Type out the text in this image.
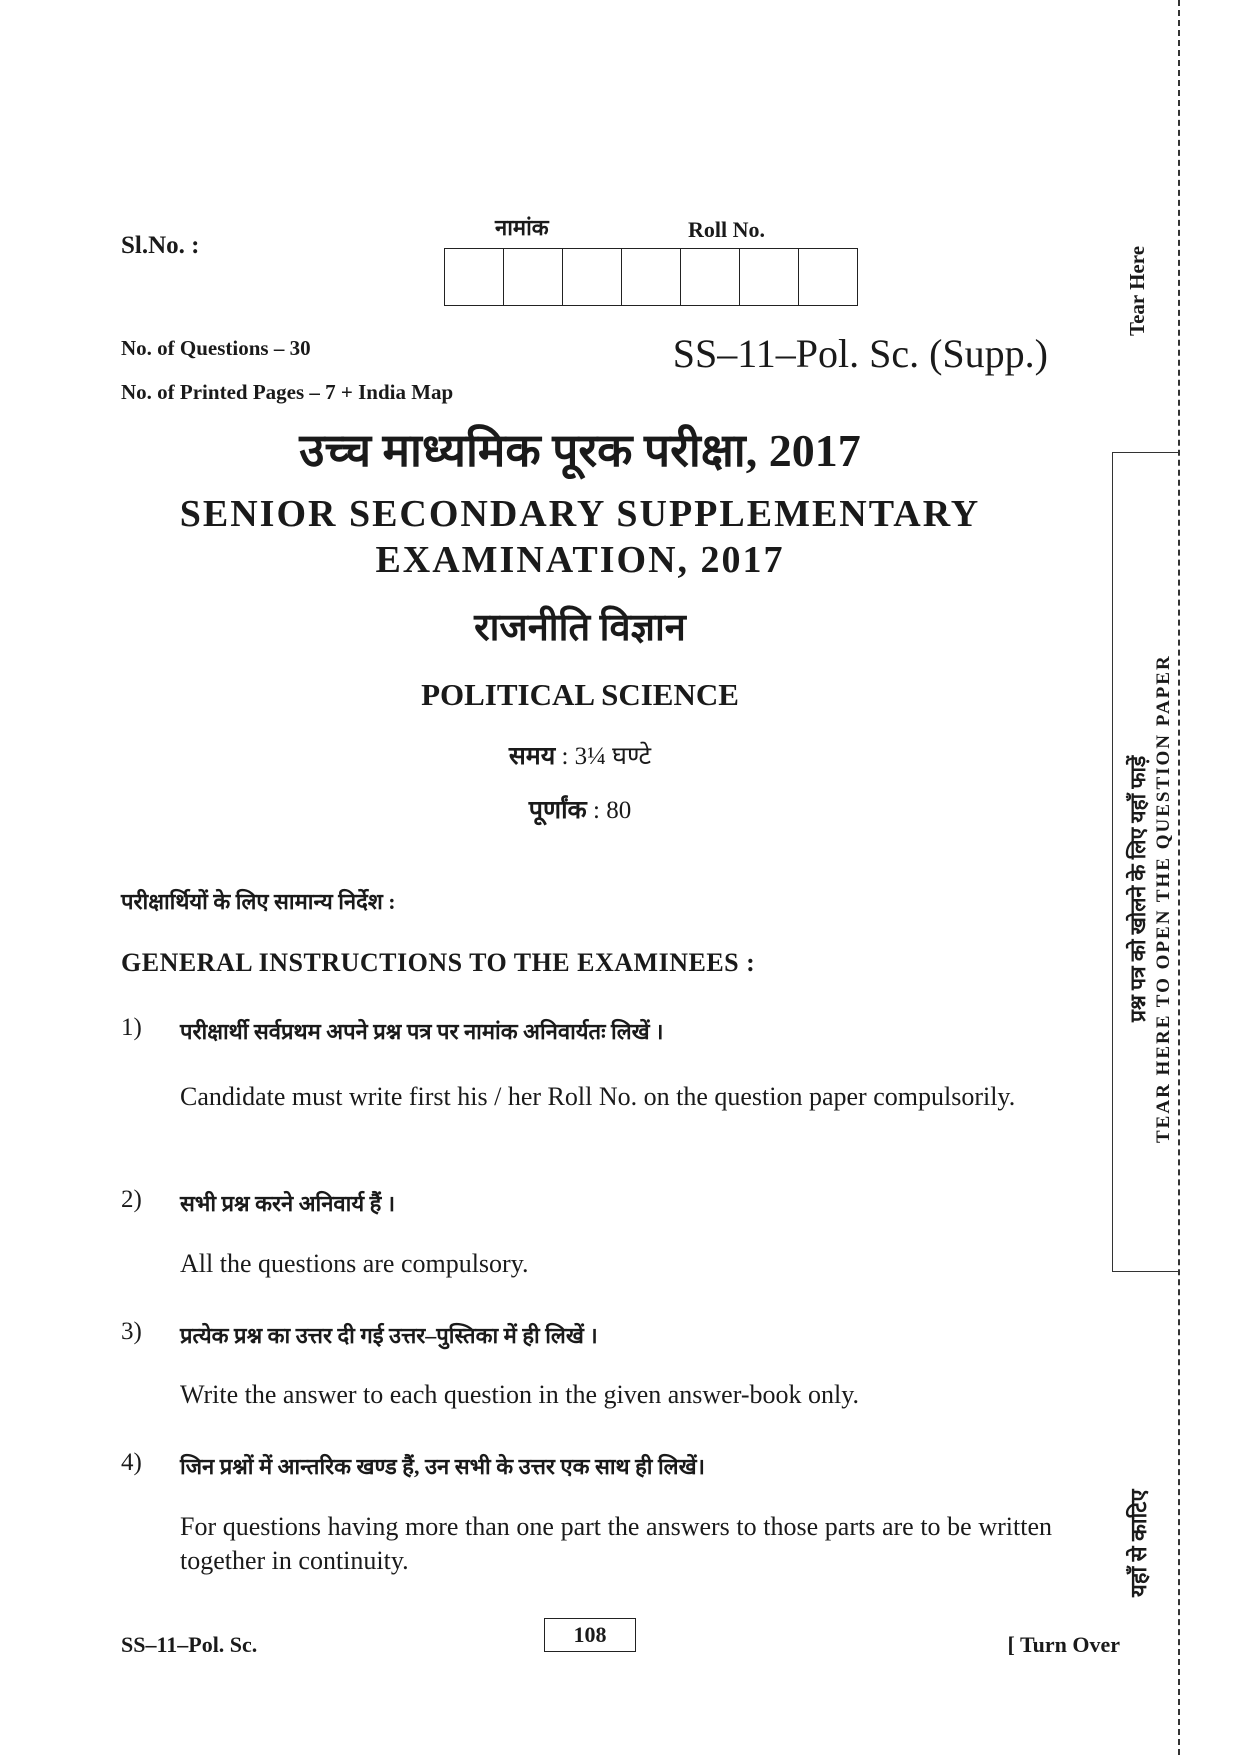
Sl.No. :
नामांक	Roll No.
No. of Questions – 30
No. of Printed Pages – 7 + India Map
SS–11–Pol. Sc. (Supp.)
उच्च माध्यमिक पूरक परीक्षा, 2017
SENIOR SECONDARY SUPPLEMENTARY
EXAMINATION, 2017
राजनीति विज्ञान
POLITICAL SCIENCE
समय : 3¼ घण्टे
पूर्णांक : 80
परीक्षार्थियों के लिए सामान्य निर्देश :
GENERAL INSTRUCTIONS TO THE EXAMINEES :
1) परीक्षार्थी सर्वप्रथम अपने प्रश्न पत्र पर नामांक अनिवार्यतः लिखें ।
Candidate must write first his / her Roll No. on the question paper compulsorily.
2) सभी प्रश्न करने अनिवार्य हैं ।
All the questions are compulsory.
3) प्रत्येक प्रश्न का उत्तर दी गई उत्तर–पुस्तिका में ही लिखें ।
Write the answer to each question in the given answer-book only.
4) जिन प्रश्नों में आन्तरिक खण्ड हैं, उन सभी के उत्तर एक साथ ही लिखें।
For questions having more than one part the answers to those parts are to be written together in continuity.
SS–11–Pol. Sc.	108	[ Turn Over
Tear Here
प्रश्न पत्र को खोलने के लिए यहाँ फाड़ें TEAR HERE TO OPEN THE QUESTION PAPER
यहाँ से काटिए
